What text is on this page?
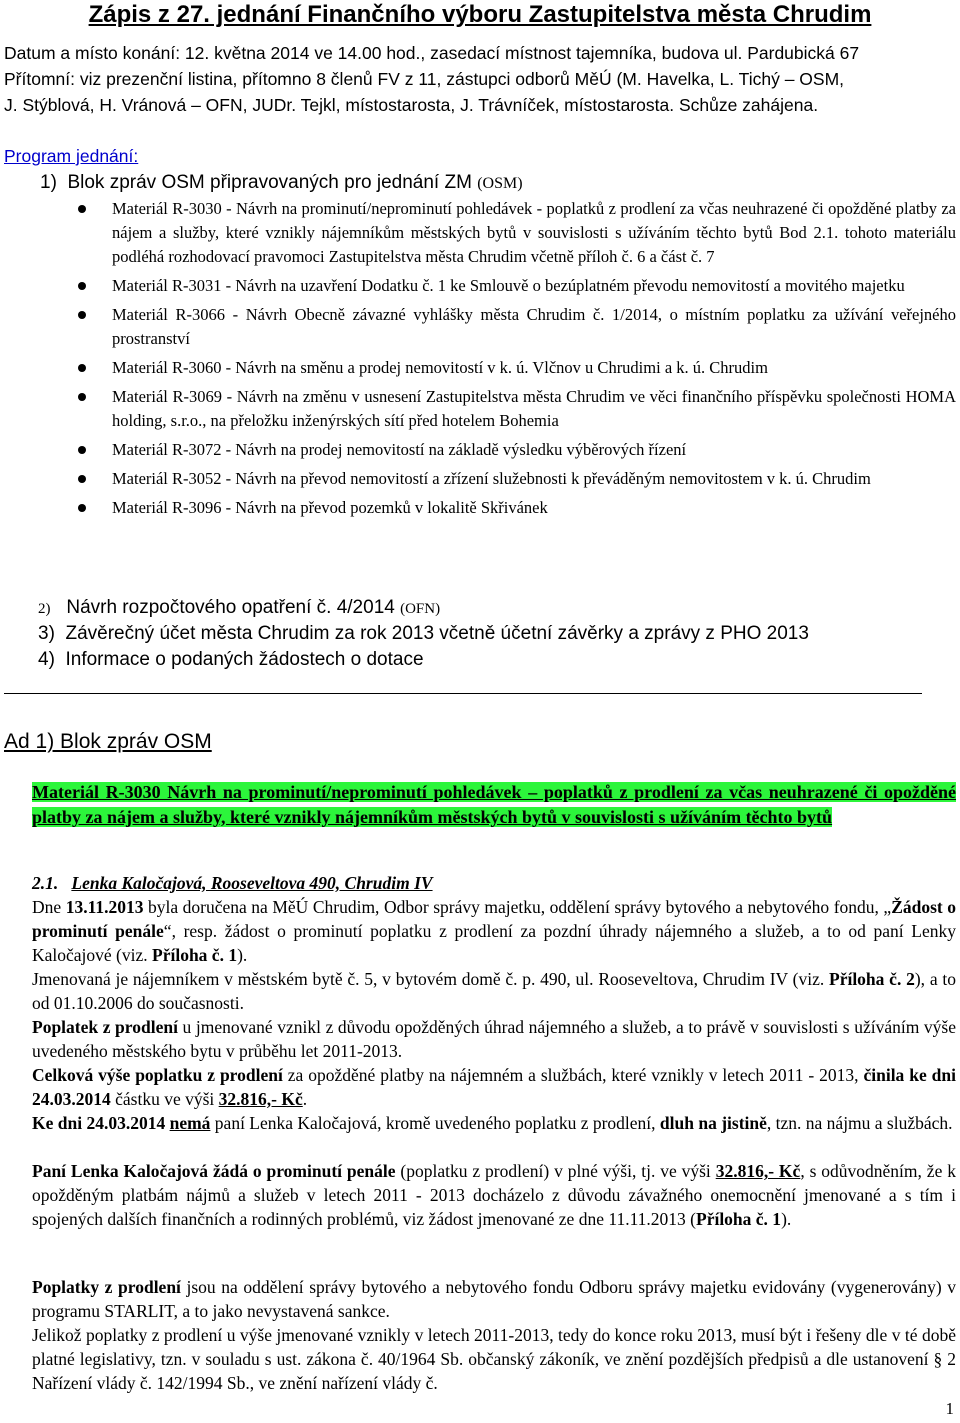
Zápis z 27. jednání Finančního výboru Zastupitelstva města Chrudim
Datum a místo konání: 12. května 2014 ve 14.00 hod., zasedací místnost tajemníka, budova ul. Pardubická 67
Přítomní: viz prezenční listina, přítomno 8 členů FV z 11, zástupci odborů MěÚ (M. Havelka, L. Tichý – OSM,
J. Stýblová, H. Vránová – OFN, JUDr. Tejkl, místostarosta, J. Trávníček, místostarosta. Schůze zahájena.
Program jednání:
1) Blok zpráv OSM připravovaných pro jednání ZM (OSM)
Materiál R-3030 - Návrh na prominutí/neprominutí pohledávek - poplatků z prodlení za včas neuhrazené či opožděné platby za nájem a služby, které vznikly nájemníkům městských bytů v souvislosti s užíváním těchto bytů Bod 2.1. tohoto materiálu podléhá rozhodovací pravomoci Zastupitelstva města Chrudim včetně příloh č. 6 a část č. 7
Materiál R-3031 - Návrh na uzavření Dodatku č. 1 ke Smlouvě o bezúplatném převodu nemovitostí a movitého majetku
Materiál R-3066 - Návrh Obecně závazné vyhlášky města Chrudim č. 1/2014, o místním poplatku za užívání veřejného prostranství
Materiál R-3060 - Návrh na směnu a prodej nemovitostí v k. ú. Vlčnov u Chrudimi a k. ú. Chrudim
Materiál R-3069 - Návrh na změnu v usnesení Zastupitelstva města Chrudim ve věci finančního příspěvku společnosti HOMA holding, s.r.o., na přeložku inženýrských sítí před hotelem Bohemia
Materiál R-3072 - Návrh na prodej nemovitostí na základě výsledku výběrových řízení
Materiál R-3052 - Návrh na převod nemovitostí a zřízení služebnosti k převáděným nemovitostem v k. ú. Chrudim
Materiál R-3096 - Návrh na převod pozemků v lokalitě Skřivánek
2) Návrh rozpočtového opatření č. 4/2014 (OFN)
3) Závěrečný účet města Chrudim za rok 2013 včetně účetní závěrky a zprávy z PHO 2013
4) Informace o podaných žádostech o dotace
Ad 1) Blok zpráv OSM
Materiál R-3030 Návrh na prominutí/neprominutí pohledávek – poplatků z prodlení za včas neuhrazené či opožděné platby za nájem a služby, které vznikly nájemníkům městských bytů v souvislosti s užíváním těchto bytů
2.1. Lenka Kaločajová, Rooseveltova 490, Chrudim IV
Dne 13.11.2013 byla doručena na MěÚ Chrudim, Odbor správy majetku, oddělení správy bytového a nebytového fondu, „Žádost o prominutí penále“, resp. žádost o prominutí poplatku z prodlení za pozdní úhrady nájemného a služeb, a to od paní Lenky Kaločajové (viz. Příloha č. 1).
Jmenovaná je nájemníkem v městském bytě č. 5, v bytovém domě č. p. 490, ul. Rooseveltova, Chrudim IV (viz. Příloha č. 2), a to od 01.10.2006 do současnosti.
Poplatek z prodlení u jmenované vznikl z důvodu opožděných úhrad nájemného a služeb, a to právě v souvislosti s užíváním výše uvedeného městského bytu v průběhu let 2011-2013.
Celková výše poplatku z prodlení za opožděné platby na nájemném a službách, které vznikly v letech 2011 - 2013, činila ke dni 24.03.2014 částku ve výši 32.816,- Kč.
Ke dni 24.03.2014 nemá paní Lenka Kaločajová, kromě uvedeného poplatku z prodlení, dluh na jistině, tzn. na nájmu a službách.
Paní Lenka Kaločajová žádá o prominutí penále (poplatku z prodlení) v plné výši, tj. ve výši 32.816,- Kč, s odůvodněním, že k opožděným platbám nájmů a služeb v letech 2011 - 2013 docházelo z důvodu závažného onemocnění jmenované a s tím i spojených dalších finančních a rodinných problémů, viz žádost jmenované ze dne 11.11.2013 (Příloha č. 1).
Poplatky z prodlení jsou na oddělení správy bytového a nebytového fondu Odboru správy majetku evidovány (vygenerovány) v programu STARLIT, a to jako nevystavená sankce.
Jelikož poplatky z prodlení u výše jmenované vznikly v letech 2011-2013, tedy do konce roku 2013, musí být i řešeny dle v té době platné legislativy, tzn. v souladu s ust. zákona č. 40/1964 Sb. občanský zákoník, ve znění pozdějších předpisů a dle ustanovení § 2 Nařízení vlády č. 142/1994 Sb., ve znění nařízení vlády č.
1
